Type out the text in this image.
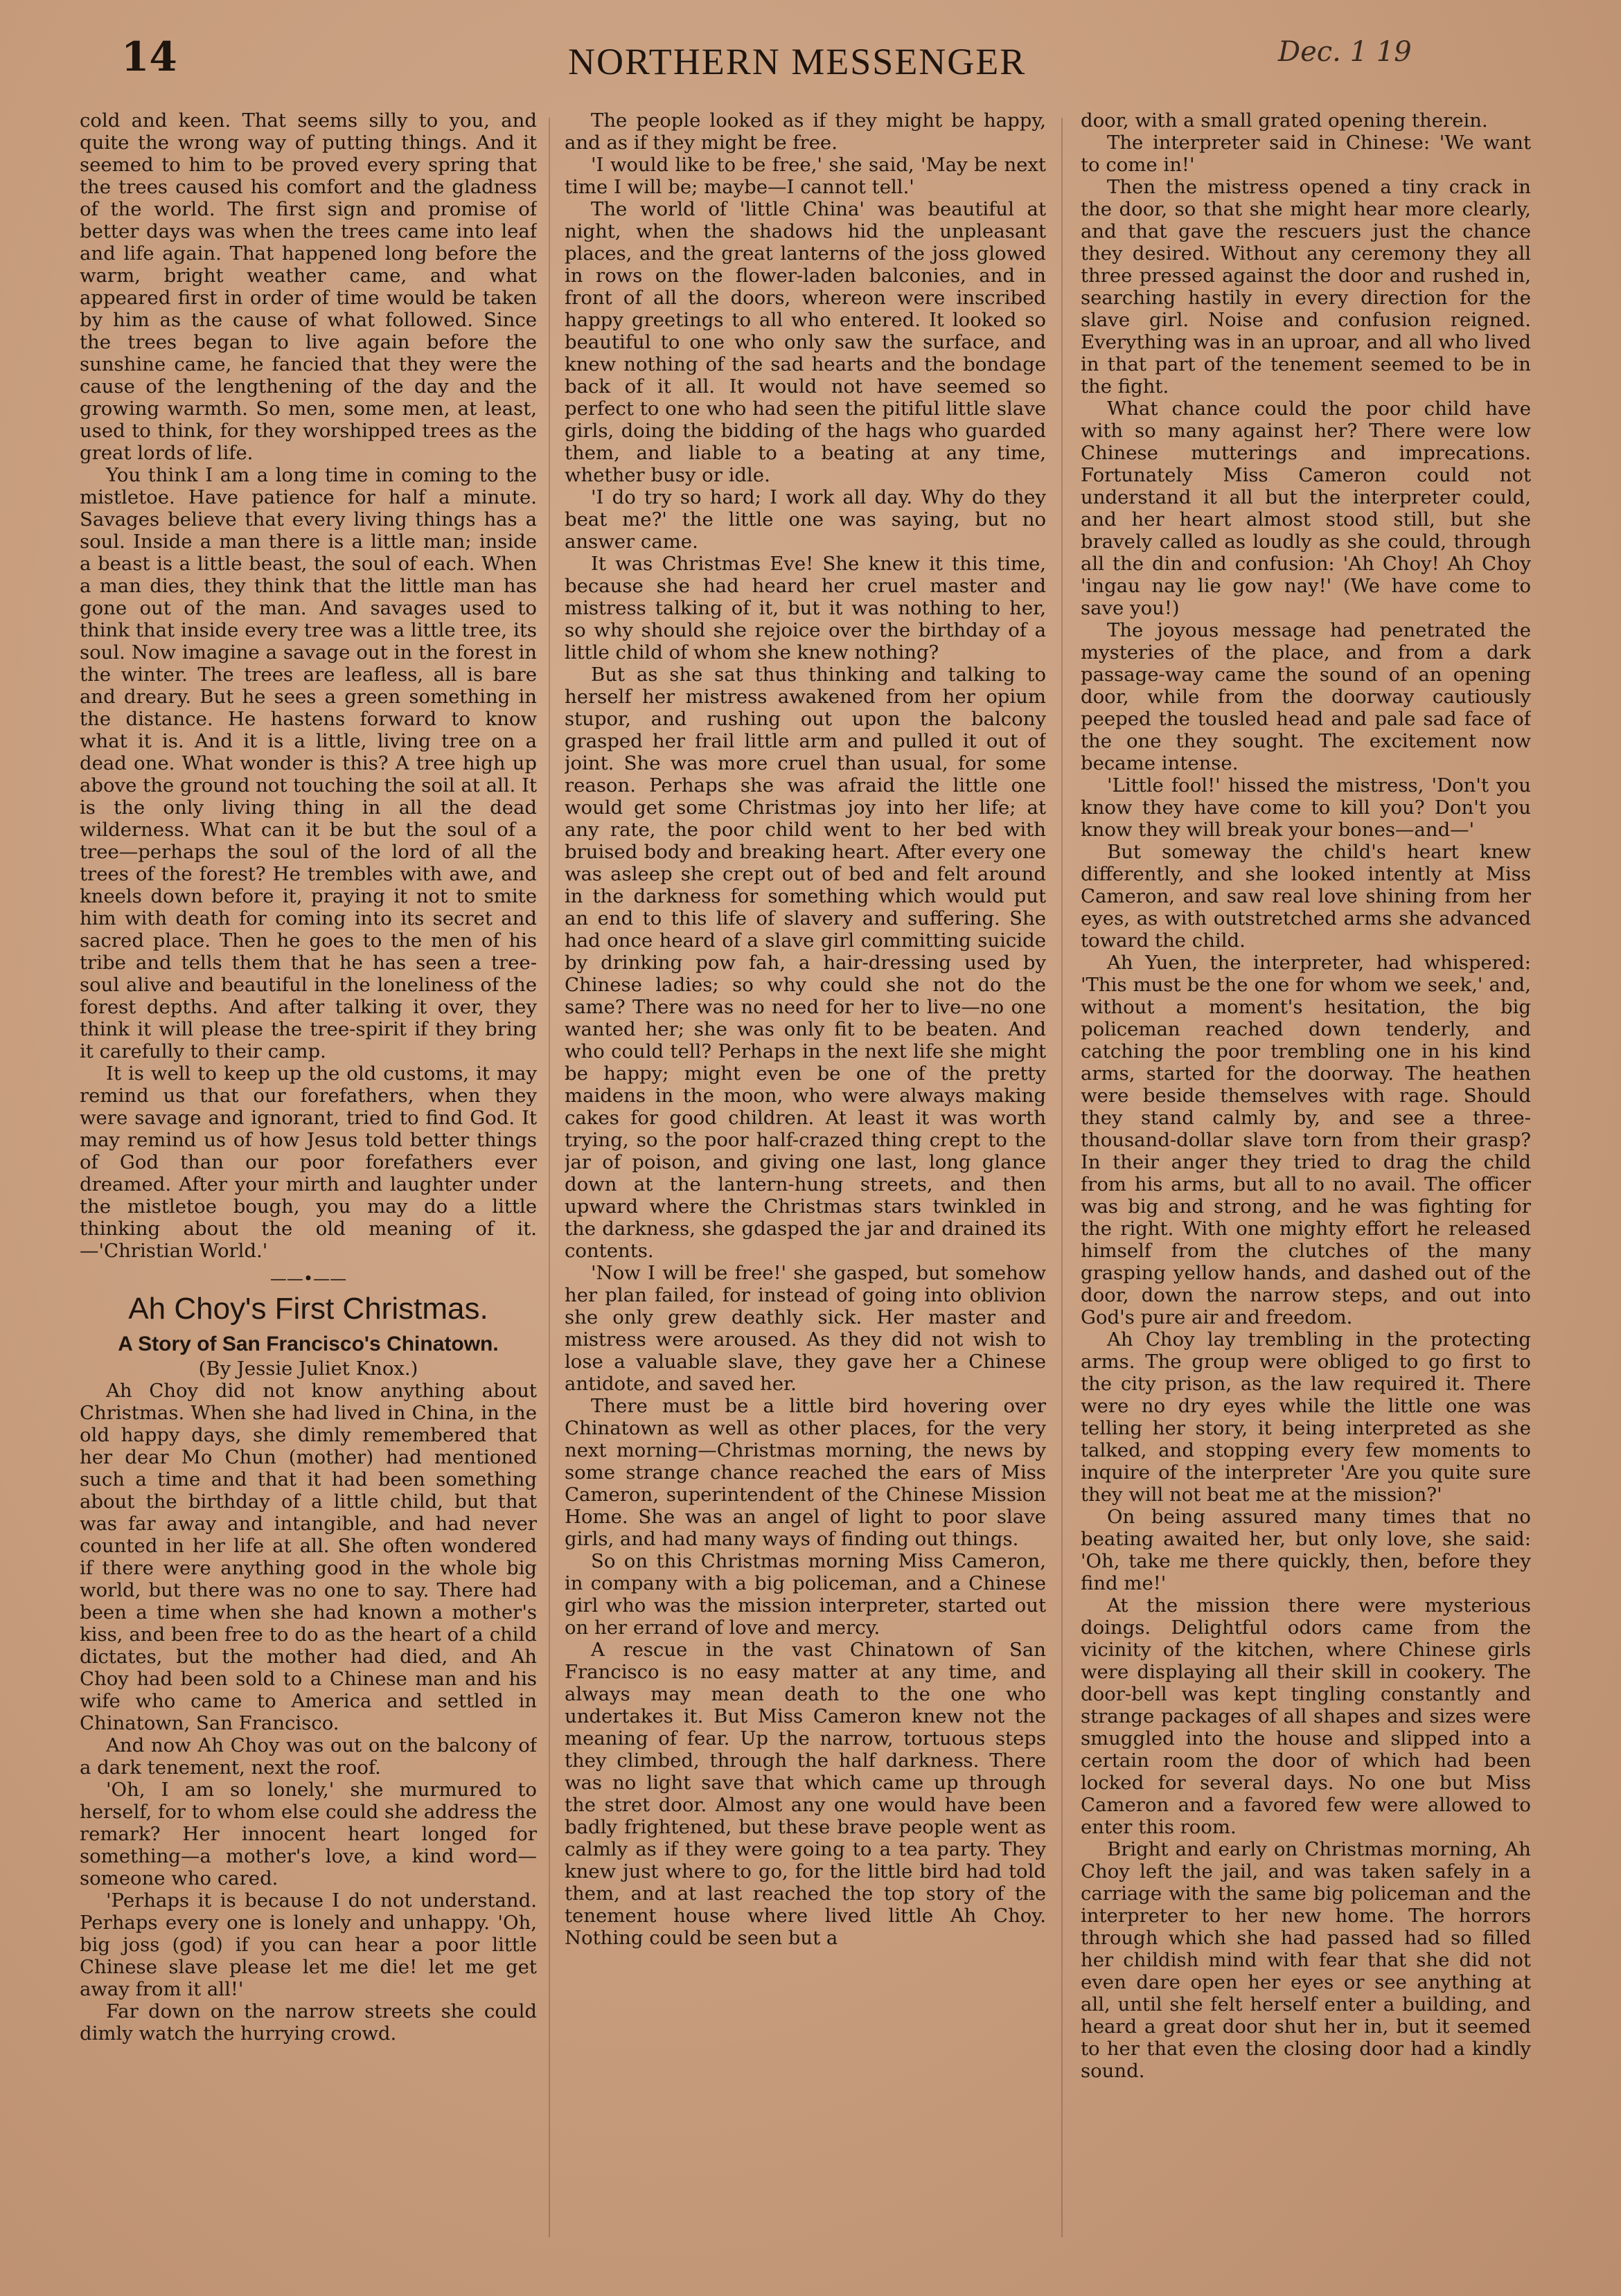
14	NORTHERN MESSENGER	Dec. 1 19

cold and keen. That seems silly to you, and quite the wrong way of putting things. And it seemed to him to be proved every spring that the trees caused his comfort and the gladness of the world. The first sign and promise of better days was when the trees came into leaf and life again. That happened long before the warm, bright weather came, and what appeared first in order of time would be taken by him as the cause of what followed. Since the trees began to live again before the sunshine came, he fancied that they were the cause of the lengthening of the day and the growing warmth. So men, some men, at least, used to think, for they worshipped trees as the great lords of life.

You think I am a long time in coming to the mistletoe. Have patience for half a minute. Savages believe that every living things has a soul. Inside a man there is a little man; inside a beast is a little beast, the soul of each. When a man dies, they think that the little man has gone out of the man. And savages used to think that inside every tree was a little tree, its soul. Now imagine a savage out in the forest in the winter. The trees are leafless, all is bare and dreary. But he sees a green something in the distance. He hastens forward to know what it is. And it is a little, living tree on a dead one. What wonder is this? A tree high up above the ground not touching the soil at all. It is the only living thing in all the dead wilderness. What can it be but the soul of a tree—perhaps the soul of the lord of all the trees of the forest? He trembles with awe, and kneels down before it, praying it not to smite him with death for coming into its secret and sacred place. Then he goes to the men of his tribe and tells them that he has seen a tree-soul alive and beautiful in the loneliness of the forest depths. And after talking it over, they think it will please the tree-spirit if they bring it carefully to their camp.

It is well to keep up the old customs, it may remind us that our forefathers, when they were savage and ignorant, tried to find God. It may remind us of how Jesus told better things of God than our poor forefathers ever dreamed. After your mirth and laughter under the mistletoe bough, you may do a little thinking about the old meaning of it.—'Christian World.'

——•——
Ah Choy's First Christmas.
A Story of San Francisco's Chinatown.
(By Jessie Juliet Knox.)

Ah Choy did not know anything about Christmas. When she had lived in China, in the old happy days, she dimly remembered that her dear Mo Chun (mother) had mentioned such a time and that it had been something about the birthday of a little child, but that was far away and intangible, and had never counted in her life at all. She often wondered if there were anything good in the whole big world, but there was no one to say. There had been a time when she had known a mother's kiss, and been free to do as the heart of a child dictates, but the mother had died, and Ah Choy had been sold to a Chinese man and his wife who came to America and settled in Chinatown, San Francisco.

And now Ah Choy was out on the balcony of a dark tenement, next the roof.

'Oh, I am so lonely,' she murmured to herself, for to whom else could she address the remark? Her innocent heart longed for something—a mother's love, a kind word—someone who cared.

'Perhaps it is because I do not understand. Perhaps every one is lonely and unhappy. 'Oh, big joss (god) if you can hear a poor little Chinese slave please let me die! let me get away from it all!'

Far down on the narrow streets she could dimly watch the hurrying crowd.

The people looked as if they might be happy, and as if they might be free.

'I would like to be free,' she said, 'May be next time I will be; maybe—I cannot tell.'

The world of 'little China' was beautiful at night, when the shadows hid the unpleasant places, and the great lanterns of the joss glowed in rows on the flower-laden balconies, and in front of all the doors, whereon were inscribed happy greetings to all who entered. It looked so beautiful to one who only saw the surface, and knew nothing of the sad hearts and the bondage back of it all. It would not have seemed so perfect to one who had seen the pitiful little slave girls, doing the bidding of the hags who guarded them, and liable to a beating at any time, whether busy or idle.

'I do try so hard; I work all day. Why do they beat me?' the little one was saying, but no answer came.

It was Christmas Eve! She knew it this time, because she had heard her cruel master and mistress talking of it, but it was nothing to her, so why should she rejoice over the birthday of a little child of whom she knew nothing?

But as she sat thus thinking and talking to herself her mistress awakened from her opium stupor, and rushing out upon the balcony grasped her frail little arm and pulled it out of joint. She was more cruel than usual, for some reason. Perhaps she was afraid the little one would get some Christmas joy into her life; at any rate, the poor child went to her bed with bruised body and breaking heart. After every one was asleep she crept out of bed and felt around in the darkness for something which would put an end to this life of slavery and suffering. She had once heard of a slave girl committing suicide by drinking pow fah, a hair-dressing used by Chinese ladies; so why could she not do the same? There was no need for her to live—no one wanted her; she was only fit to be beaten. And who could tell? Perhaps in the next life she might be happy; might even be one of the pretty maidens in the moon, who were always making cakes for good children. At least it was worth trying, so the poor half-crazed thing crept to the jar of poison, and giving one last, long glance down at the lantern-hung streets, and then upward where the Christmas stars twinkled in the darkness, she gdasped the jar and drained its contents.

'Now I will be free!' she gasped, but somehow her plan failed, for instead of going into oblivion she only grew deathly sick. Her master and mistress were aroused. As they did not wish to lose a valuable slave, they gave her a Chinese antidote, and saved her.

There must be a little bird hovering over Chinatown as well as other places, for the very next morning—Christmas morning, the news by some strange chance reached the ears of Miss Cameron, superintendent of the Chinese Mission Home. She was an angel of light to poor slave girls, and had many ways of finding out things.

So on this Christmas morning Miss Cameron, in company with a big policeman, and a Chinese girl who was the mission interpreter, started out on her errand of love and mercy.

A rescue in the vast Chinatown of San Francisco is no easy matter at any time, and always may mean death to the one who undertakes it. But Miss Cameron knew not the meaning of fear. Up the narrow, tortuous steps they climbed, through the half darkness. There was no light save that which came up through the stret door. Almost any one would have been badly frightened, but these brave people went as calmly as if they were going to a tea party. They knew just where to go, for the little bird had told them, and at last reached the top story of the tenement house where lived little Ah Choy. Nothing could be seen but a

door, with a small grated opening therein.

The interpreter said in Chinese: 'We want to come in!'

Then the mistress opened a tiny crack in the door, so that she might hear more clearly, and that gave the rescuers just the chance they desired. Without any ceremony they all three pressed against the door and rushed in, searching hastily in every direction for the slave girl. Noise and confusion reigned. Everything was in an uproar, and all who lived in that part of the tenement seemed to be in the fight.

What chance could the poor child have with so many against her? There were low Chinese mutterings and imprecations. Fortunately Miss Cameron could not understand it all but the interpreter could, and her heart almost stood still, but she bravely called as loudly as she could, through all the din and confusion: 'Ah Choy! Ah Choy 'ingau nay lie gow nay!' (We have come to save you!)

The joyous message had penetrated the mysteries of the place, and from a dark passage-way came the sound of an opening door, while from the doorway cautiously peeped the tousled head and pale sad face of the one they sought. The excitement now became intense.

'Little fool!' hissed the mistress, 'Don't you know they have come to kill you? Don't you know they will break your bones—and—'

But someway the child's heart knew differently, and she looked intently at Miss Cameron, and saw real love shining from her eyes, as with outstretched arms she advanced toward the child.

Ah Yuen, the interpreter, had whispered: 'This must be the one for whom we seek,' and, without a moment's hesitation, the big policeman reached down tenderly, and catching the poor trembling one in his kind arms, started for the doorway. The heathen were beside themselves with rage. Should they stand calmly by, and see a three-thousand-dollar slave torn from their grasp? In their anger they tried to drag the child from his arms, but all to no avail. The officer was big and strong, and he was fighting for the right. With one mighty effort he released himself from the clutches of the many grasping yellow hands, and dashed out of the door, down the narrow steps, and out into God's pure air and freedom.

Ah Choy lay trembling in the protecting arms. The group were obliged to go first to the city prison, as the law required it. There were no dry eyes while the little one was telling her story, it being interpreted as she talked, and stopping every few moments to inquire of the interpreter 'Are you quite sure they will not beat me at the mission?'

On being assured many times that no beating awaited her, but only love, she said: 'Oh, take me there quickly, then, before they find me!'

At the mission there were mysterious doings. Delightful odors came from the vicinity of the kitchen, where Chinese girls were displaying all their skill in cookery. The door-bell was kept tingling constantly and strange packages of all shapes and sizes were smuggled into the house and slipped into a certain room the door of which had been locked for several days. No one but Miss Cameron and a favored few were allowed to enter this room.

Bright and early on Christmas morning, Ah Choy left the jail, and was taken safely in a carriage with the same big policeman and the interpreter to her new home. The horrors through which she had passed had so filled her childish mind with fear that she did not even dare open her eyes or see anything at all, until she felt herself enter a building, and heard a great door shut her in, but it seemed to her that even the closing door had a kindly sound.
